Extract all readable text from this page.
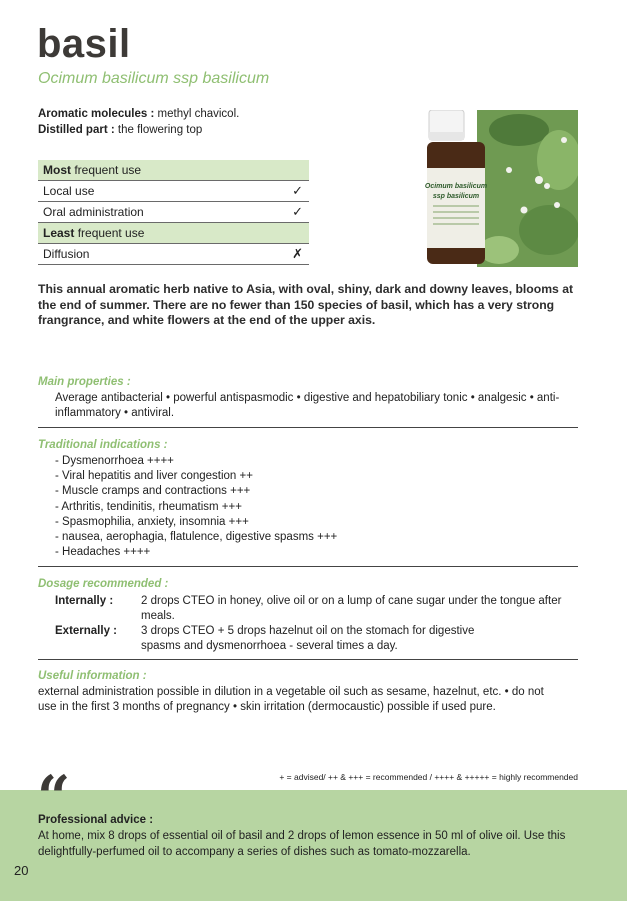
basil
Ocimum basilicum ssp basilicum
Aromatic molecules : methyl chavicol.
Distilled part : the flowering top
Most frequent use	
Local use	✓
Oral administration	✓
Least frequent use	
Diffusion	✗
Ocimum basilicum
ssp basilicum
This annual aromatic herb native to Asia, with oval, shiny, dark and downy leaves, blooms at the end of summer. There are no fewer than 150 species of basil, which has a very strong frangrance, and white flowers at the end of the upper axis.
Main properties :
Average antibacterial • powerful antispasmodic • digestive and hepatobiliary tonic • analgesic • anti-inflammatory • antiviral.
Traditional indications :
- Dysmenorrhoea ++++
- Viral hepatitis and liver congestion ++
- Muscle cramps and contractions +++
- Arthritis, tendinitis, rheumatism +++
- Spasmophilia, anxiety, insomnia +++
- nausea, aerophagia, flatulence, digestive spasms +++
- Headaches ++++
Dosage recommended :
Internally : 2 drops CTEO in honey, olive oil or on a lump of cane sugar under the tongue after meals.
Externally : 3 drops CTEO + 5 drops hazelnut oil on the stomach for digestive
spasms and dysmenorrhoea - several times a day.
Useful information :
external administration possible in dilution in a vegetable oil such as sesame, hazelnut, etc. • do not use in the first 3 months of pregnancy • skin irritation (dermocaustic) possible if used pure.
“	+ = advised/ ++ & +++ = recommended / ++++ & +++++ = highly recommended
Professional advice :
At home, mix 8 drops of essential oil of basil and 2 drops of lemon essence in 50 ml of olive oil. Use this delightfully-perfumed oil to accompany a series of dishes such as tomato-mozzarella.
20
